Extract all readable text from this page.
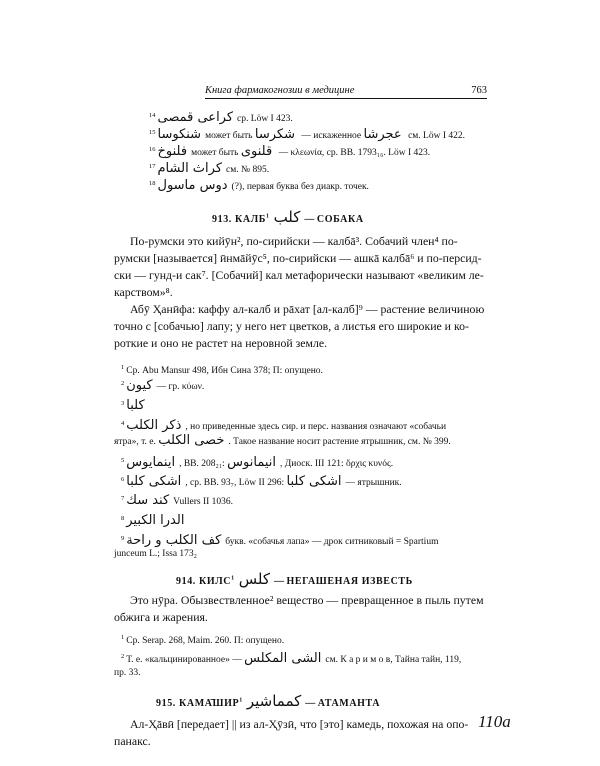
Книга фармакогнозии в медицине	763
$^{14}$ كراعى قمصى ср. Löw I 423.
$^{15}$ شنكوسا может быть شكرسا — искаженное عجرشا см. Löw I 422.
$^{16}$ فلنوخ может быть قلنوى — κλεωνία, ср. BB. 1793₁₆. Löw I 423.
$^{17}$ كراث الشام см. № 895.
$^{18}$ دوس ماسول (?), первая буква без диакр. точек.
913. КАЛБ$^1$ كلب — СОБАКА
По-румски это кийӯн², по-сирийски — калбā³. Собачий член⁴ по-
румски [называется] ӣнмāйӯс⁵, по-сирийски — ашкā калбā⁶ и по-персид-
ски — гунд-и сак⁷. [Собачий] кал метафорически называют «великим ле-
карством»⁸.
Абӯ Ҳанӣфа: каффу ал-калб и рāхат [ал-калб]⁹ — растение величиною
точно с [собачью] лапу; у него нет цветков, а листья его широкие и ко-
роткие и оно не растет на неровной земле.
$^1$ Ср. Abu Mansur 498, Ибн Сина 378; П: опущено.
$^2$ كيون — гр. κύων.
$^3$ كلبا
$^4$ ذكر الكلب , но приведенные здесь сир. и перс. названия означают «собачьи
ятра», т. е. خصى الكلب . Такое название носит растение ятрышник, см. № 399.
$^5$ اينمايوس , BB. 208₂₁: انيمانوس , Диоск. III 121: ὄρχις κυνός.
$^6$ اشكى كلبا , ср. BB. 93₇, Löw II 296: اشكى كلبا — ятрышник.
$^7$ كند سك Vullers II 1036.
$^8$ الدرا الكبير
$^9$ كف الكلب و راحة букв. «собачья лапа» — дрок ситниковый = Spartium
junceum L.; Issa 173₂
914. КИЛС$^1$ كلس — НЕГАШЕНАЯ ИЗВЕСТЬ
Это нӯра. Обызвествленное² вещество — превращенное в пыль путем
обжига и жарения.
$^1$ Ср. Serap. 268, Maim. 260. П: опущено.
$^2$ Т. е. «кальцинированное» — الشى المكلس см. К а р и м о в, Тайна тайн, 119,
пр. 33.
915. КАМА̄ШИР$^1$ كمماشير — АТАМАНТА
Ал-Ҳāвӣ [передает] || из ал-Ҳӯзӣ, что [это] камедь, похожая на опо-
панакс.
110a
